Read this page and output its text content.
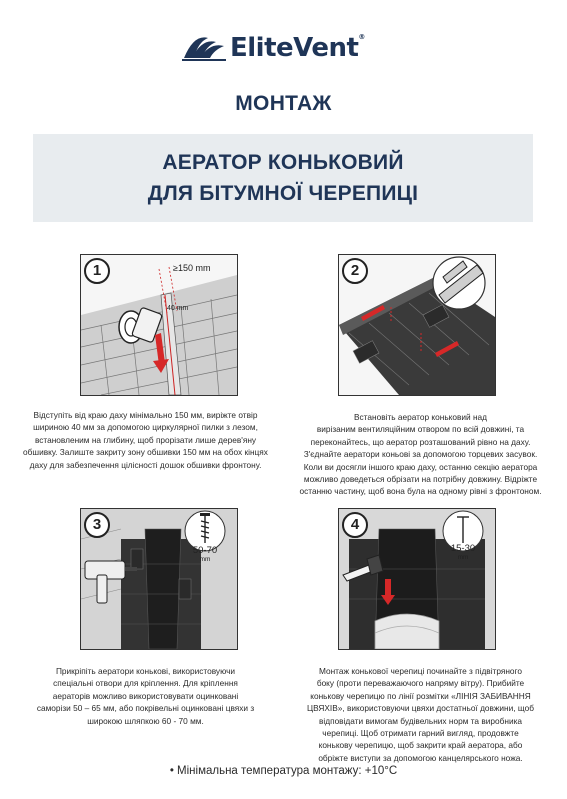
EliteVent®
МОНТАЖ
АЕРАТОР КОНЬКОВИЙ
ДЛЯ БІТУМНОЇ ЧЕРЕПИЦІ
1	≥150 mm
40 mm
Відступіть від краю даху мінімально 150 мм, виріжте отвір
шириною 40 мм за допомогою циркулярної пилки з лезом,
встановленим на глибину, щоб прорізати лише дерев'яну
обшивку. Залиште закриту зону обшивки 150 мм на обох кінцях
даху для забезпечення цілісності дошок обшивки фронтону.
2
Встановіть аератор коньковий над
вирізаним вентиляційним отвором по всій довжині, та
переконайтесь, що аератор розташований рівно на даху.
З'єднайте аератори коньові за допомогою торцевих засувок.
Коли ви досягли іншого краю даху, останню секцію аератора
можливо доведеться обрізати на потрібну довжину. Відріжте
останню частину, щоб вона була на одному рівні з фронтоном.
3
50-70
mm
Прикріпіть аератори конькові, використовуючи
спеціальні отвори для кріплення. Для кріплення
аераторів можливо використовувати оцинковані
саморізи 50 – 65 мм, або покрівельні оцинковані цвяхи з
широкою шляпкою 60 - 70 мм.
4
15-30
mm
Монтаж конькової черепиці починайте з підвітряного
боку (проти переважаючого напряму вітру). Прибийте
конькову черепицю по лінії розмітки «ЛІНІЯ ЗАБИВАННЯ
ЦВЯХІВ», використовуючи цвяхи достатньої довжини, щоб
відповідати вимогам будівельних норм та виробника
черепиці. Щоб отримати гарний вигляд, продовжте
конькову черепицю, щоб закрити край аератора, або
обріжте виступи за допомогою канцелярського ножа.
• Мінімальна температура монтажу: +10°С
